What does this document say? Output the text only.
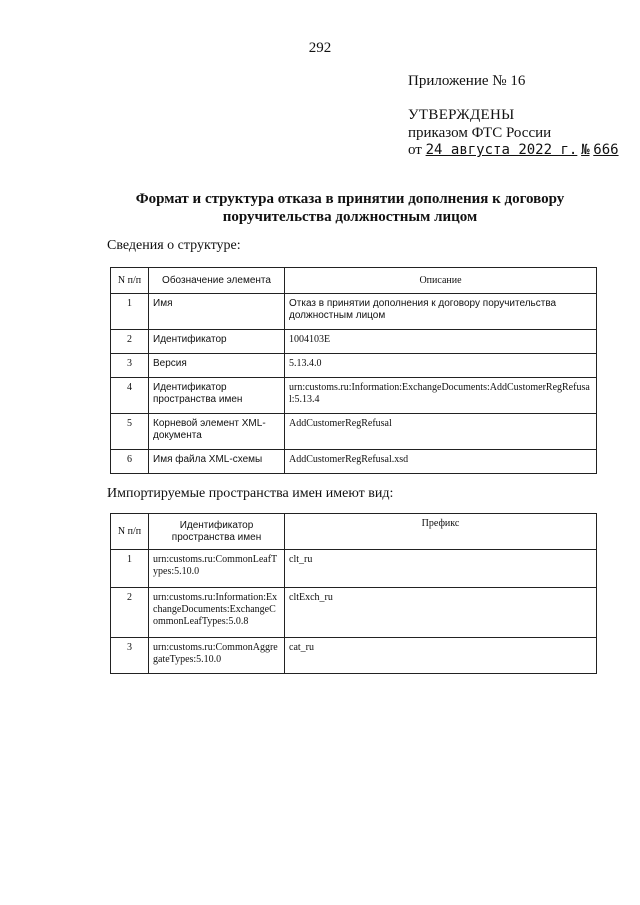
292
Приложение № 16
УТВЕРЖДЕНЫ
приказом ФТС России
от 24 августа 2022 г. № 666
Формат и структура отказа в принятии дополнения к договору
поручительства должностным лицом
Сведения о структуре:
N п/п	Обозначение элемента	Описание
1	Имя	Отказ в принятии дополнения к договору поручительства должностным лицом
2	Идентификатор	1004103E
3	Версия	5.13.4.0
4	Идентификатор пространства имен	urn:customs.ru:Information:ExchangeDocuments:AddCustomerRegRefusal:5.13.4
5	Корневой элемент XML-документа	AddCustomerRegRefusal
6	Имя файла XML-схемы	AddCustomerRegRefusal.xsd
Импортируемые пространства имен имеют вид:
N п/п	Идентификатор пространства имен	Префикс
1	urn:customs.ru:CommonLeafTypes:5.10.0	clt_ru
2	urn:customs.ru:Information:ExchangeDocuments:ExchangeCommonLeafTypes:5.0.8	cltExch_ru
3	urn:customs.ru:CommonAggregateTypes:5.10.0	cat_ru
